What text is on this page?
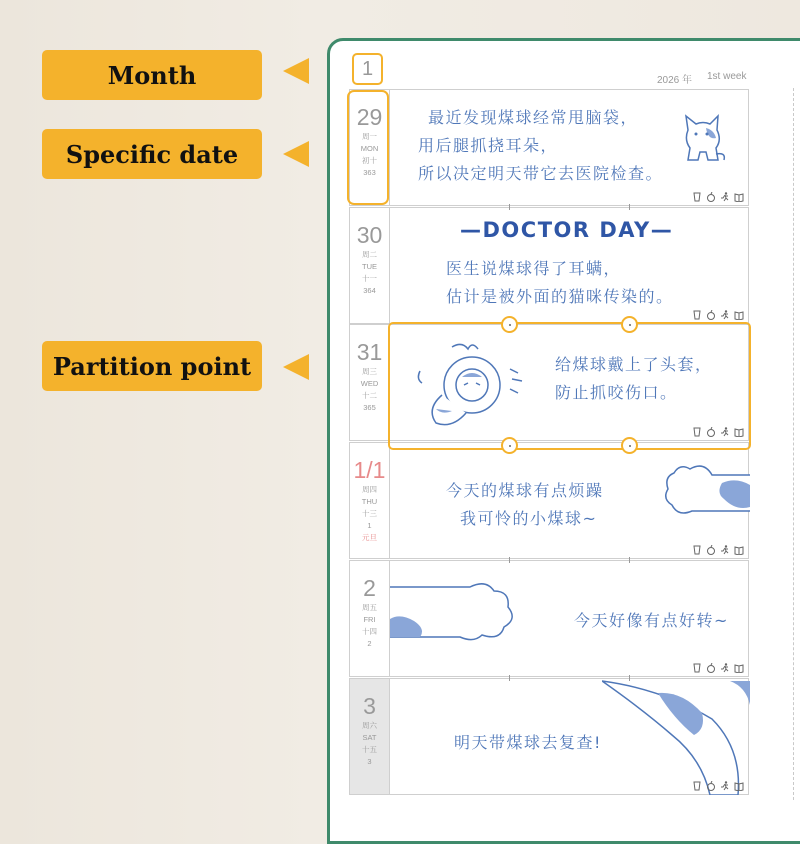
Month
Specific date
Partition point
1
2026 年 1st week
29
周一
MON
初十
363
最近发现煤球经常甩脑袋，
用后腿抓挠耳朵，
所以决定明天带它去医院检查。
30
周二
TUE
十一
364
—DOCTOR DAY—
医生说煤球得了耳螨，
估计是被外面的猫咪传染的。
31
周三
WED
十二
365
给煤球戴上了头套，
防止抓咬伤口。
1/1
周四
THU
十三
1
元旦
今天的煤球有点烦躁
我可怜的小煤球~
2
周五
FRI
十四
2
今天好像有点好转~
3
周六
SAT
十五
3
明天带煤球去复查!
